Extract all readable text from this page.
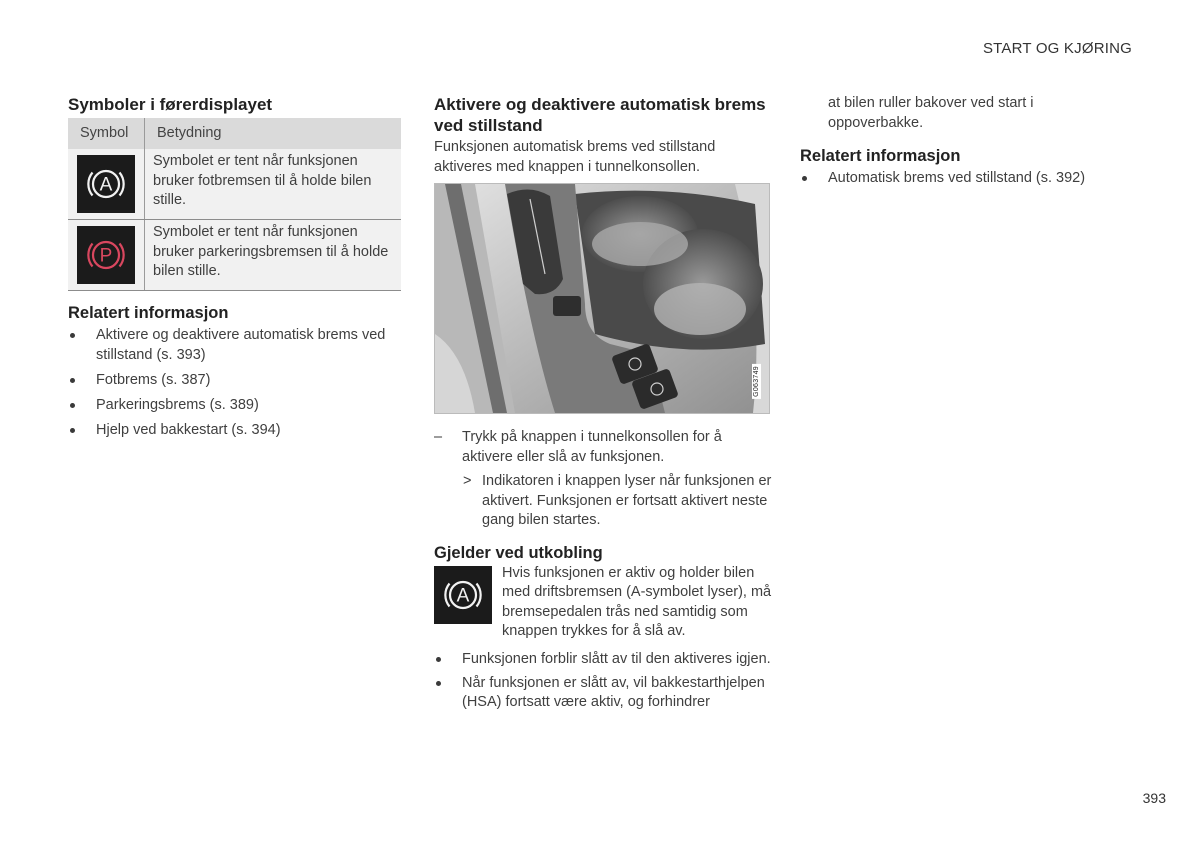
START OG KJØRING
Symboler i førerdisplayet
Symbol	Betydning

A	Symbolet er tent når funksjonen bruker fotbremsen til å holde bilen stille.

P	Symbolet er tent når funksjonen bruker parkeringsbremsen til å holde bilen stille.
Relatert informasjon
Aktivere og deaktivere automatisk brems ved stillstand (s. 393)
Fotbrems (s. 387)
Parkeringsbrems (s. 389)
Hjelp ved bakkestart (s. 394)
Aktivere og deaktivere automatisk brems ved stillstand

Funksjonen automatisk brems ved stillstand aktiveres med knappen i tunnelkonsollen.

G063749
– Trykk på knappen i tunnelkonsollen for å aktivere eller slå av funksjonen.

> Indikatoren i knappen lyser når funksjonen er aktivert. Funksjonen er fortsatt aktivert neste gang bilen startes.

Gjelder ved utkobling
A

Hvis funksjonen er aktiv og holder bilen med driftsbremsen (A-symbolet lyser), må bremsepedalen trås ned samtidig som knappen trykkes for å slå av.

Funksjonen forblir slått av til den aktiveres igjen.
Når funksjonen er slått av, vil bakkestarthjelpen (HSA) fortsatt være aktiv, og forhindrer

at bilen ruller bakover ved start i oppoverbakke.

Relatert informasjon
Automatisk brems ved stillstand (s. 392)
393
